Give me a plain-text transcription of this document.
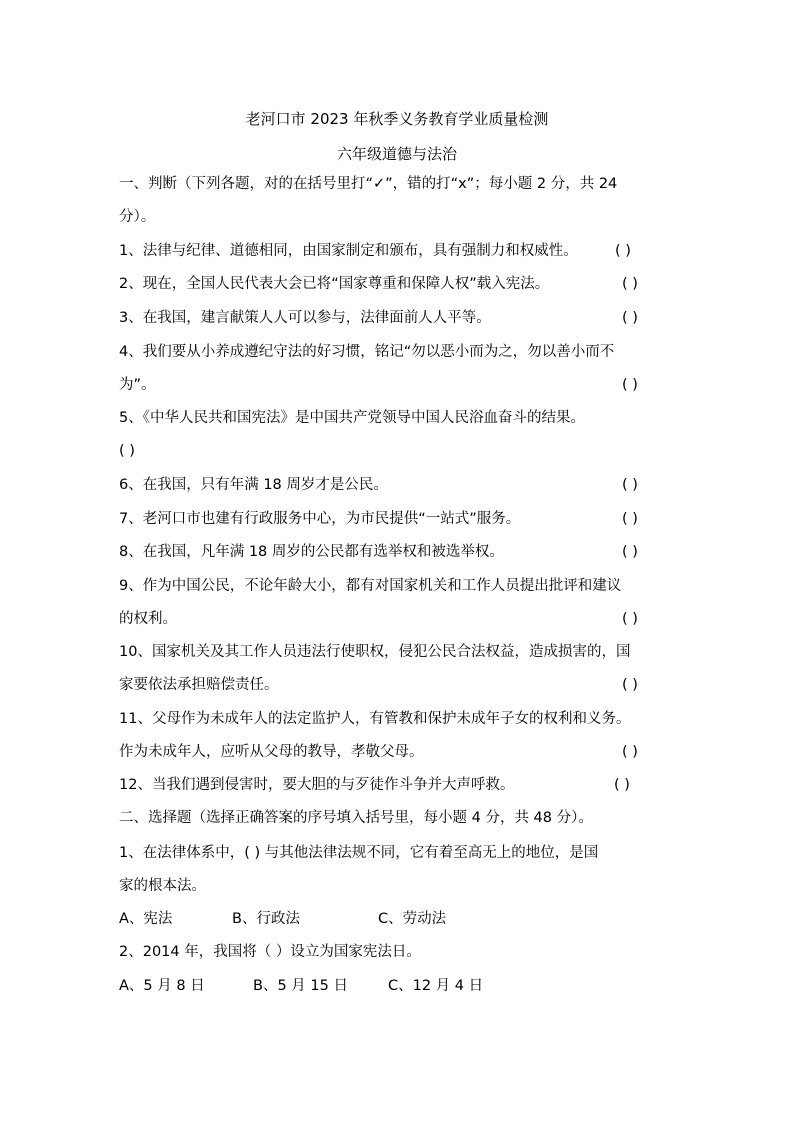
老河口市 2023 年秋季义务教育学业质量检测
六年级道德与法治
一、判断（下列各题，对的在括号里打“✓”，错的打“x”；每小题 2 分，共 24
分）。
1、法律与纪律、道德相同，由国家制定和颁布，具有强制力和权威性。	( )
2、现在，全国人民代表大会已将“国家尊重和保障人权”载入宪法。	( )
3、在我国，建言献策人人可以参与，法律面前人人平等。	( )
4、我们要从小养成遵纪守法的好习惯，铭记“勿以恶小而为之，勿以善小而不
为”。	( )
5、《中华人民共和国宪法》是中国共产党领导中国人民浴血奋斗的结果。
( )
6、在我国，只有年满 18 周岁才是公民。	( )
7、老河口市也建有行政服务中心，为市民提供“一站式”服务。	( )
8、在我国，凡年满 18 周岁的公民都有选举权和被选举权。	( )
9、作为中国公民，不论年龄大小，都有对国家机关和工作人员提出批评和建议
的权利。	( )
10、国家机关及其工作人员违法行使职权，侵犯公民合法权益，造成损害的，国
家要依法承担赔偿责任。	( )
11、父母作为未成年人的法定监护人，有管教和保护未成年子女的权利和义务。
作为未成年人，应听从父母的教导，孝敬父母。	( )
12、当我们遇到侵害时，要大胆的与歹徒作斗争并大声呼救。	( )
二、选择题（选择正确答案的序号填入括号里，每小题 4 分，共 48 分）。
1、在法律体系中，( ) 与其他法律法规不同，它有着至高无上的地位，是国
家的根本法。
A、宪法	B、行政法	C、劳动法
2、2014 年，我国将（ ）设立为国家宪法日。
A、5 月 8 日	B、5 月 15 日	C、12 月 4 日
